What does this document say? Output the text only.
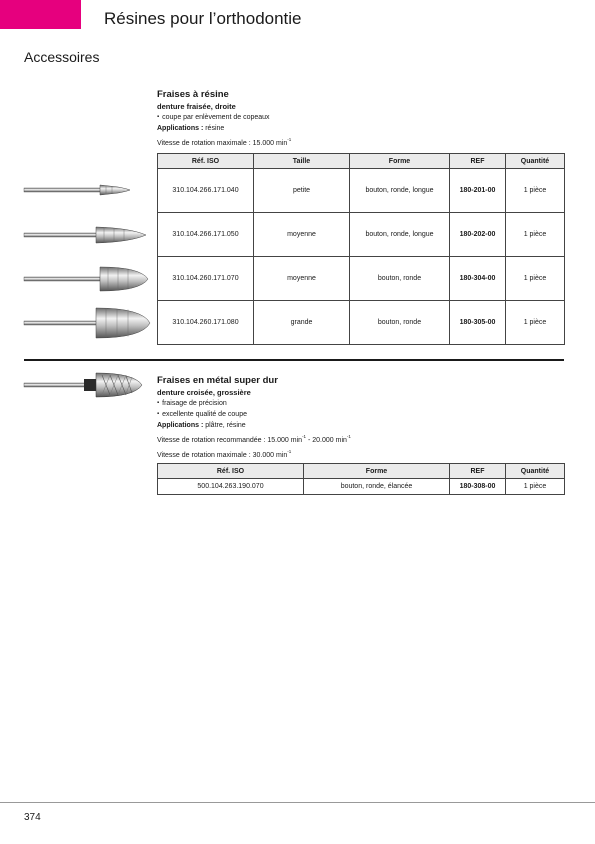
Résines pour l’orthodontie
Accessoires
Fraises à résine
denture fraisée, droite
▪ coupe par enlèvement de copeaux
Applications : résine
Vitesse de rotation maximale : 15.000 $\min^{-1}$
Réf. ISO	Taille	Forme	REF	Quantité
310.104.266.171.040	petite	bouton, ronde, longue	180-201-00	1 pièce
310.104.266.171.050	moyenne	bouton, ronde, longue	180-202-00	1 pièce
310.104.260.171.070	moyenne	bouton, ronde	180-304-00	1 pièce
310.104.260.171.080	grande	bouton, ronde	180-305-00	1 pièce
Fraises en métal super dur
denture croisée, grossière
▪ fraisage de précision
▪ excellente qualité de coupe
Applications : plâtre, résine
Vitesse de rotation recommandée : 15.000 $\min^{-1} - 20.000$ $\min^{-1}$
Vitesse de rotation maximale : 30.000 $\min^{-1}$
Réf. ISO	Forme	REF	Quantité
500.104.263.190.070	bouton, ronde, élancée	180-308-00	1 pièce
374
